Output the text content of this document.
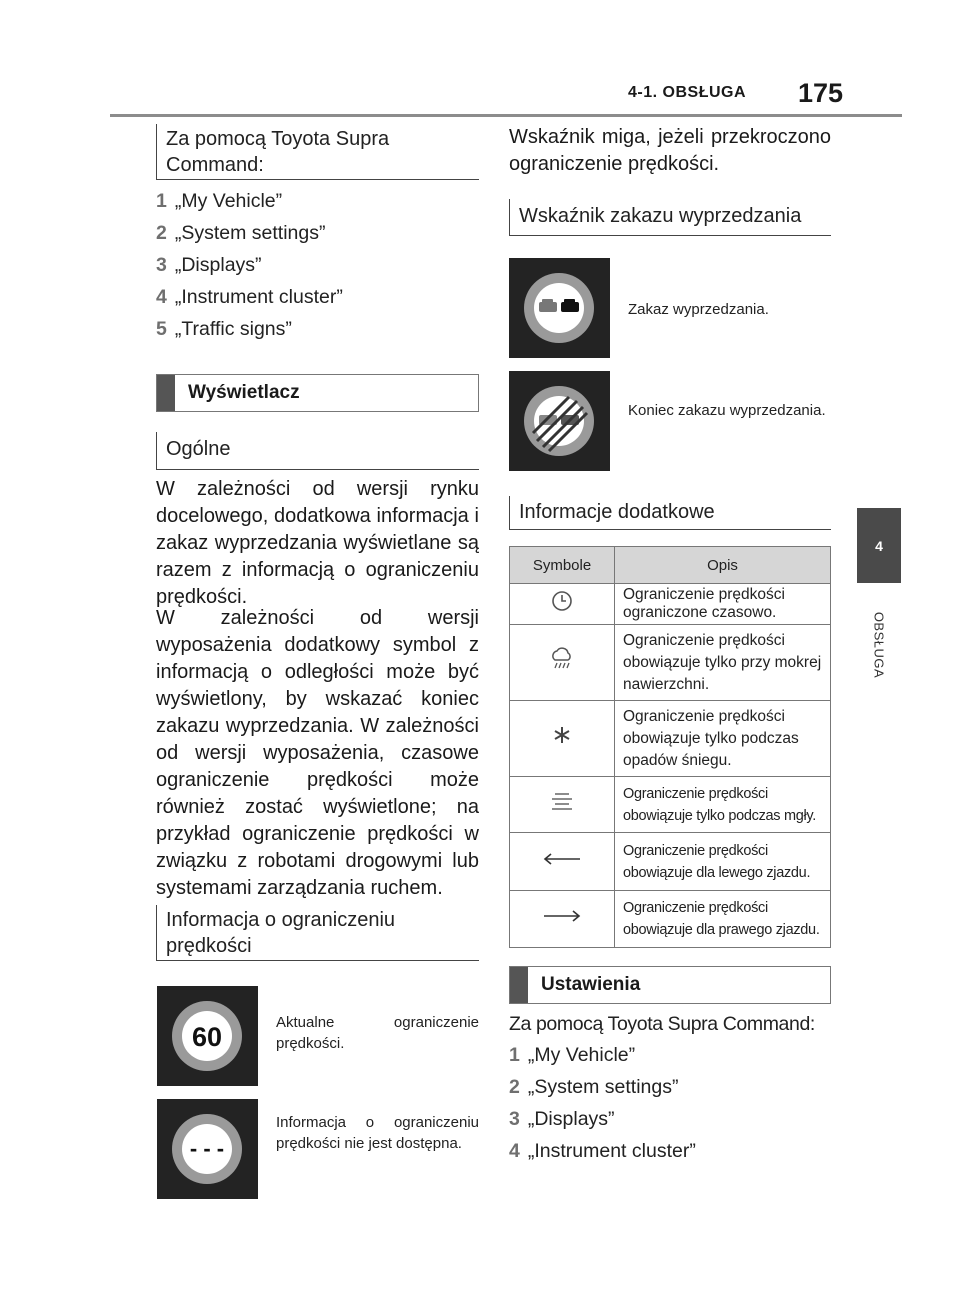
4-1. OBSŁUGA 175
4
OBSŁUGA
Za pomocą Toyota Supra Command:
1 „My Vehicle”
2 „System settings”
3 „Displays”
4 „Instrument cluster”
5 „Traffic signs”
Wyświetlacz
Ogólne
W zależności od wersji rynku docelowego, dodatkowa informacja i zakaz wyprzedzania wyświetlane są razem z informacją o ograniczeniu prędkości.
W zależności od wersji wyposażenia dodatkowy symbol z informacją o odległości może być wyświetlony, by wskazać koniec zakazu wyprzedzania. W zależności od wersji wyposażenia, czasowe ograniczenie prędkości może również zostać wyświetlone; na przykład ograniczenie prędkości w związku z robotami drogowymi lub systemami zarządzania ruchem.
Informacja o ograniczeniu prędkości
60	Aktualne ograniczenie prędkości.
- - -
Informacja o ograniczeniu prędkości nie jest dostępna.
Wskaźnik miga, jeżeli przekroczono ograniczenie prędkości.
Wskaźnik zakazu wyprzedzania
Zakaz wyprzedzania.
Koniec zakazu wyprzedzania.
Informacje dodatkowe
Symbole	Opis
	Ograniczenie prędkości ograniczone czasowo.
	Ograniczenie prędkości obowiązuje tylko przy mokrej nawierzchni.
	Ograniczenie prędkości obowiązuje tylko podczas opadów śniegu.
	Ograniczenie prędkości obowiązuje tylko podczas mgły.
	Ograniczenie prędkości obowiązuje dla lewego zjazdu.
	Ograniczenie prędkości obowiązuje dla prawego zjazdu.
Ustawienia
Za pomocą Toyota Supra Command:
1 „My Vehicle”
2 „System settings”
3 „Displays”
4 „Instrument cluster”
